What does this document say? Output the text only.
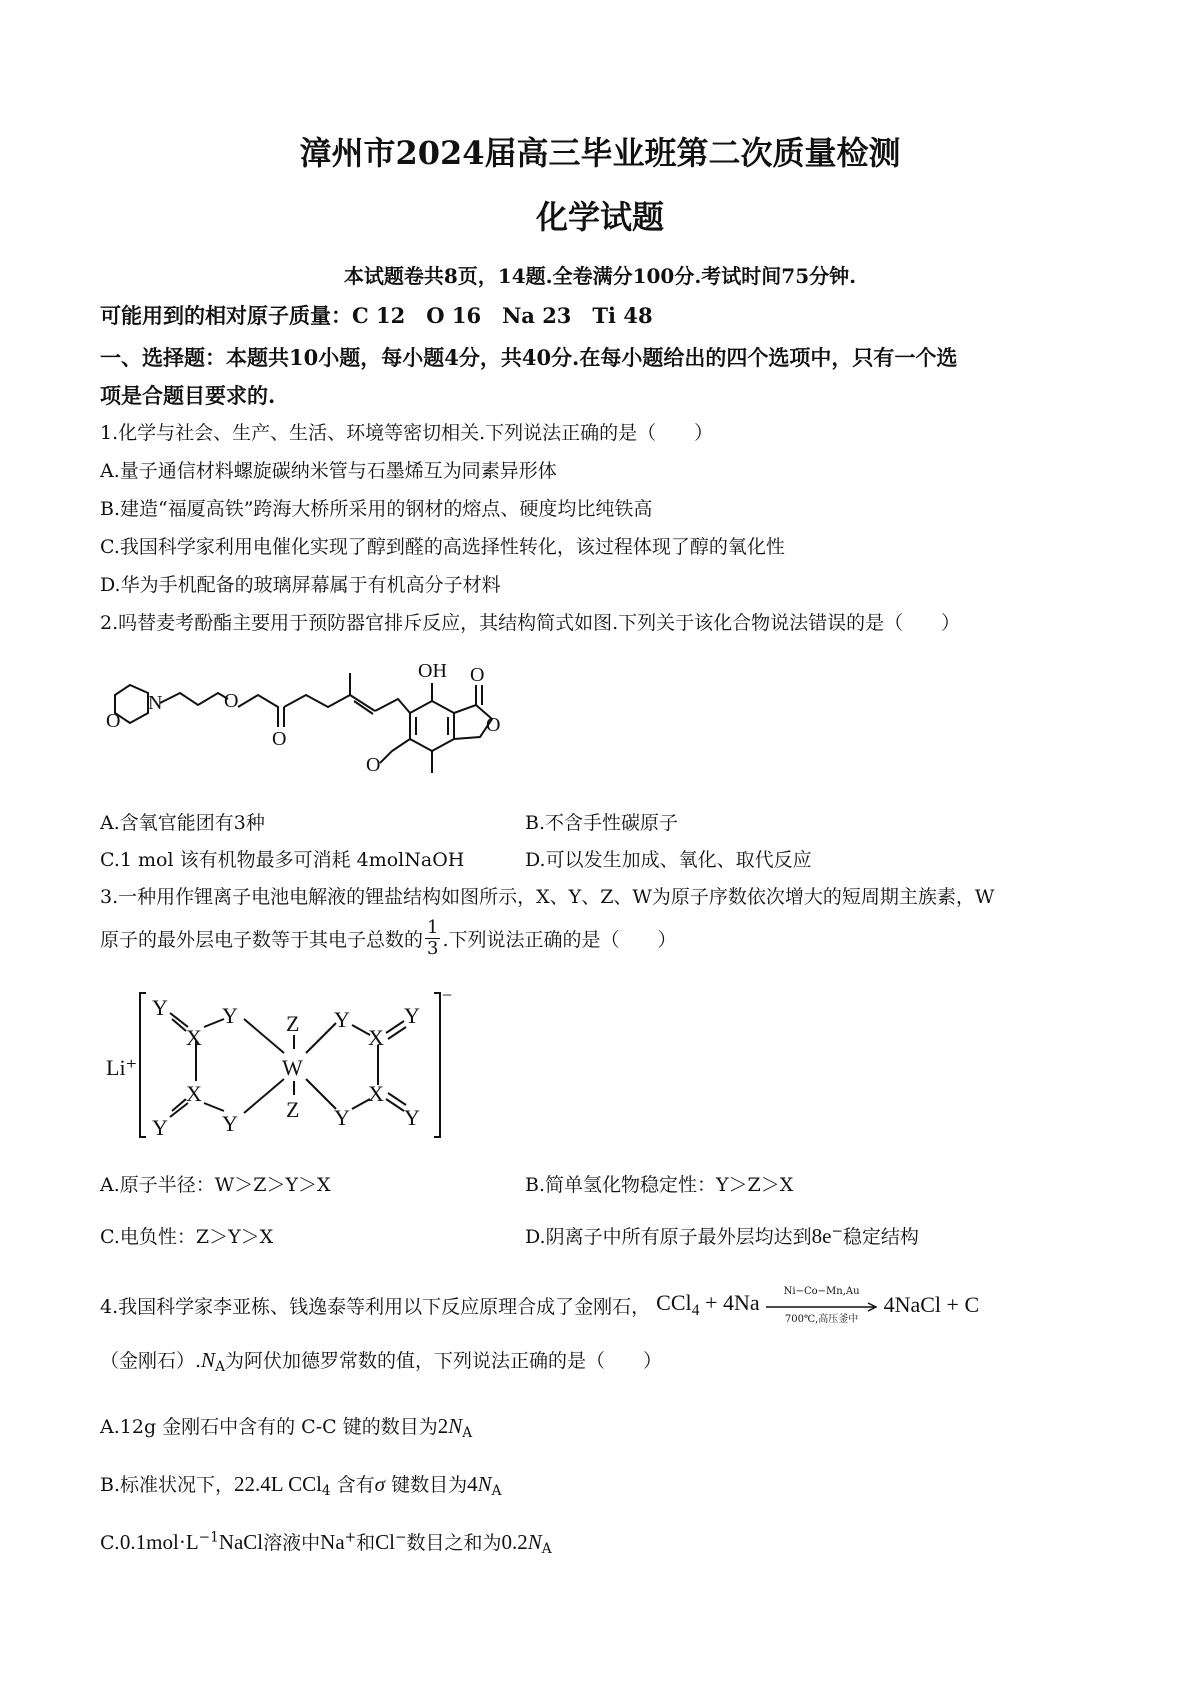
漳州市2024届高三毕业班第二次质量检测
化学试题
本试题卷共8页，14题.全卷满分100分.考试时间75分钟.
可能用到的相对原子质量：C 12　O 16　Na 23　Ti 48
一、选择题：本题共10小题，每小题4分，共40分.在每小题给出的四个选项中，只有一个选
项是合题目要求的.
1.化学与社会、生产、生活、环境等密切相关.下列说法正确的是（　　）
A.量子通信材料螺旋碳纳米管与石墨烯互为同素异形体
B.建造“福厦高铁”跨海大桥所采用的钢材的熔点、硬度均比纯铁高
C.我国科学家利用电催化实现了醇到醛的高选择性转化，该过程体现了醇的氧化性
D.华为手机配备的玻璃屏幕属于有机高分子材料
2.吗替麦考酚酯主要用于预防器官排斥反应，其结构简式如图.下列关于该化合物说法错误的是（　　）
OH
N
O
O
O
O
O
O
A.含氧官能团有3种	B.不含手性碳原子
C.1 mol 该有机物最多可消耗 4molNaOH	D.可以发生加成、氧化、取代反应
3.一种用作锂离子电池电解液的锂盐结构如图所示，X、Y、Z、W为原子序数依次增大的短周期主族素，W
原子的最外层电子数等于其电子总数的 $\frac{1}{3}$ .下列说法正确的是（　　）
Li⁺
−
Y
X
Y Z
W
Z
X
Y Y
Y
X
Y
Y
X
Y
A.原子半径：W＞Z＞Y＞X	B.简单氢化物稳定性：Y＞Z＞X
C.电负性：Z＞Y＞X	D.阴离子中所有原子最外层均达到8e−稳定结构
4.我国科学家李亚栋、钱逸泰等利用以下反应原理合成了金刚石， CCl$_4$ + 4Na	Ni−Co−Mn,Au
700℃,高压釜中
4NaCl + C
（金刚石）$.N_A$为阿伏加德罗常数的值，下列说法正确的是（　　）
A.12g 金刚石中含有的 C-C 键的数目为$2N_A$
B.标准状况下，22.4L CCl$_4$ 含有σ 键数目为$4N_A$
$C.0.1mol\cdot L^{-1}NaCl$溶液中Na+和Cl−数目之和为$0.2N_A$
